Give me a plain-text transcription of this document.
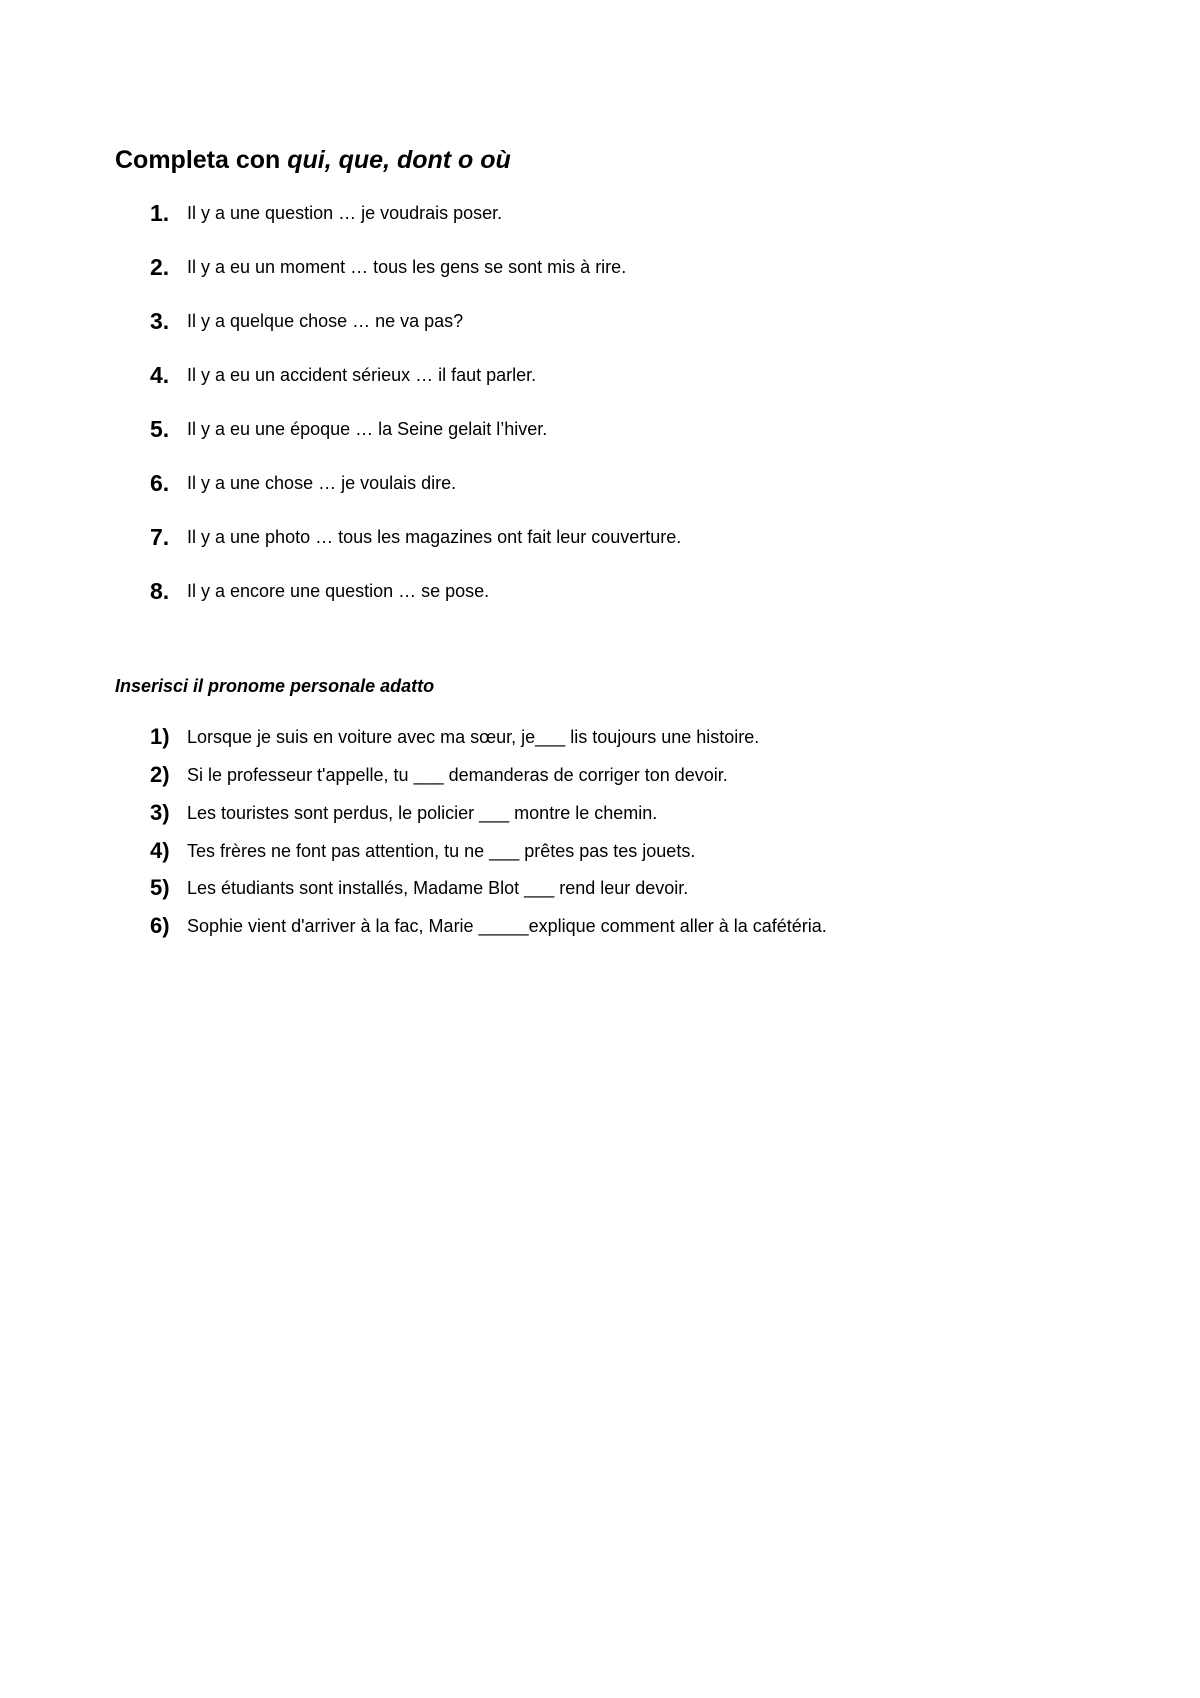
Completa con qui, que, dont o où
1. Il y a une question … je voudrais poser.
2. Il y a eu un moment … tous les gens se sont mis à rire.
3. Il y a quelque chose … ne va pas?
4. Il y a eu un accident sérieux … il faut parler.
5. Il y a eu une époque … la Seine gelait l’hiver.
6. Il y a une chose … je voulais dire.
7. Il y a une photo … tous les magazines ont fait leur couverture.
8. Il y a encore une question … se pose.
Inserisci il pronome personale adatto
1) Lorsque je suis en voiture avec ma sœur, je___ lis toujours une histoire.
2) Si le professeur t'appelle, tu ___ demanderas de corriger ton devoir.
3) Les touristes sont perdus, le policier ___ montre le chemin.
4) Tes frères ne font pas attention, tu ne ___ prêtes pas tes jouets.
5) Les étudiants sont installés, Madame Blot ___ rend leur devoir.
6) Sophie vient d'arriver à la fac, Marie _____explique comment aller à la cafétéria.
